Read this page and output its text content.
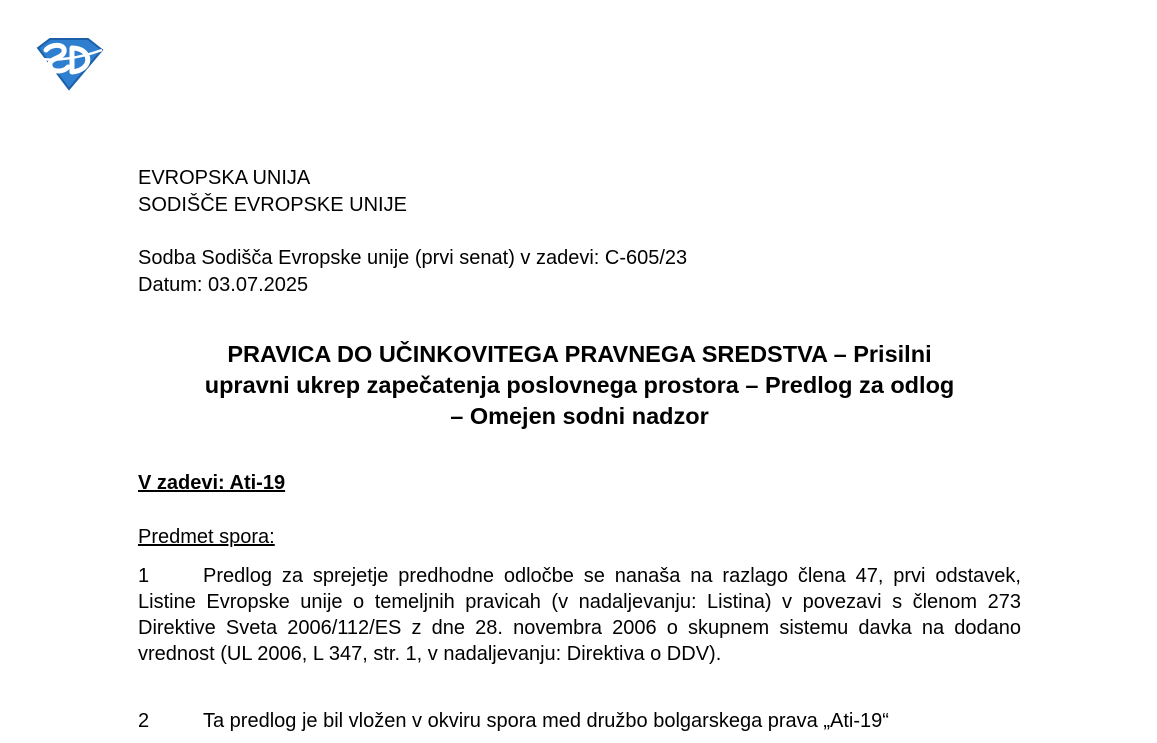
EVROPSKA UNIJA
SODIŠČE EVROPSKE UNIJE
Sodba Sodišča Evropske unije (prvi senat) v zadevi: C-605/23
Datum: 03.07.2025
PRAVICA DO UČINKOVITEGA PRAVNEGA SREDSTVA – Prisilni
upravni ukrep zapečatenja poslovnega prostora – Predlog za odlog
– Omejen sodni nadzor
V zadevi: Ati-19
Predmet spora:
1	Predlog za sprejetje predhodne odločbe se nanaša na razlago člena 47, prvi odstavek, Listine Evropske unije o temeljnih pravicah (v nadaljevanju: Listina) v povezavi s členom 273 Direktive Sveta 2006/112/ES z dne 28. novembra 2006 o skupnem sistemu davka na dodano vrednost (UL 2006, L 347, str. 1, v nadaljevanju: Direktiva o DDV).
2	Ta predlog je bil vložen v okviru spora med družbo bolgarskega prava „Ati-19“
